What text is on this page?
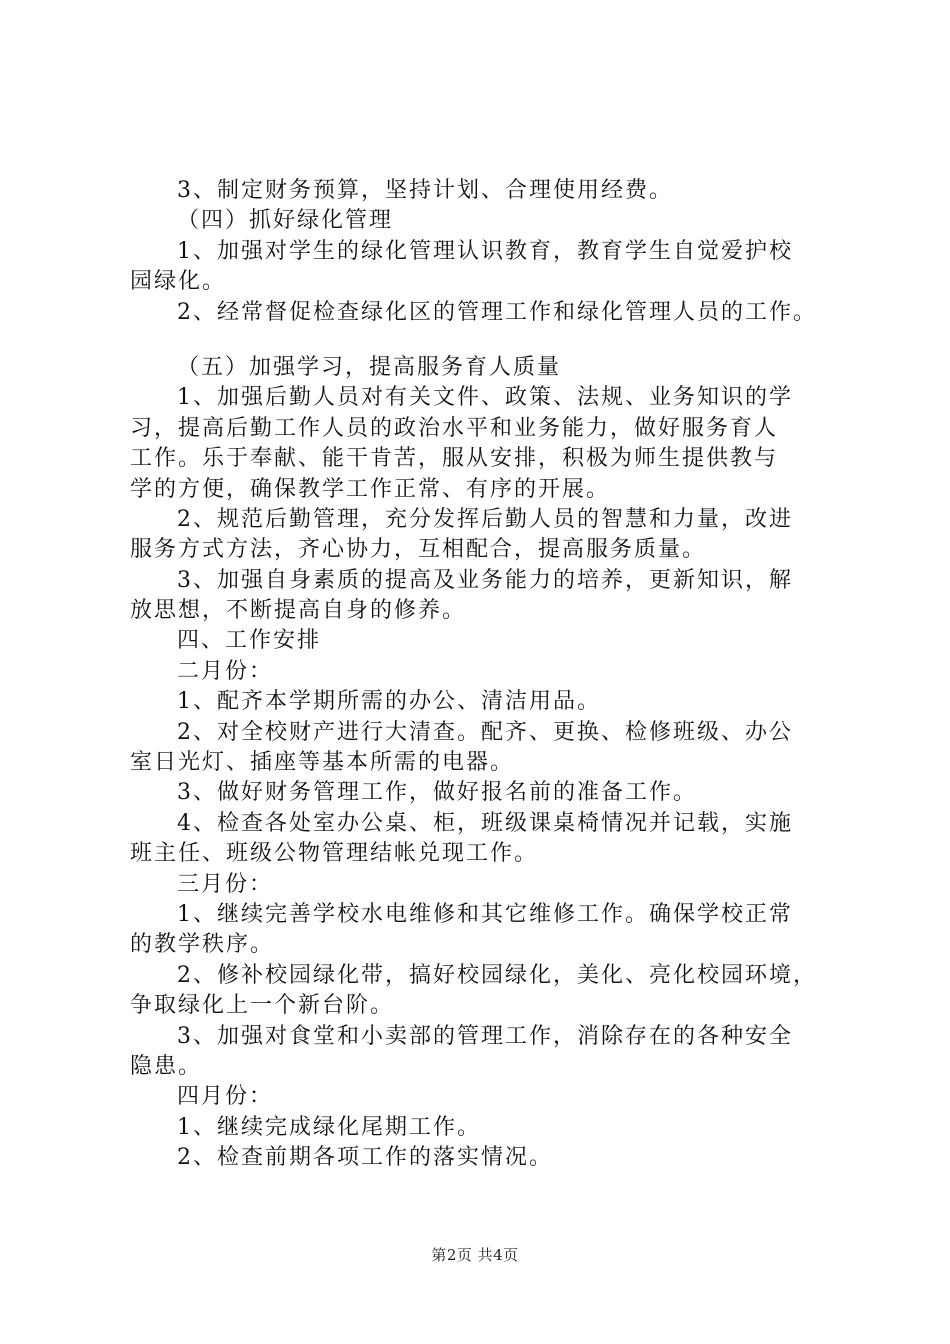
3、制定财务预算，坚持计划、合理使用经费。
（四）抓好绿化管理
1、加强对学生的绿化管理认识教育，教育学生自觉爱护校
园绿化。
2、经常督促检查绿化区的管理工作和绿化管理人员的工作。
（五）加强学习，提高服务育人质量
1、加强后勤人员对有关文件、政策、法规、业务知识的学
习，提高后勤工作人员的政治水平和业务能力，做好服务育人
工作。乐于奉献、能干肯苦，服从安排，积极为师生提供教与
学的方便，确保教学工作正常、有序的开展。
2、规范后勤管理，充分发挥后勤人员的智慧和力量，改进
服务方式方法，齐心协力，互相配合，提高服务质量。
3、加强自身素质的提高及业务能力的培养，更新知识，解
放思想，不断提高自身的修养。
四、工作安排
二月份：
1、配齐本学期所需的办公、清洁用品。
2、对全校财产进行大清查。配齐、更换、检修班级、办公
室日光灯、插座等基本所需的电器。
3、做好财务管理工作，做好报名前的准备工作。
4、检查各处室办公桌、柜，班级课桌椅情况并记载，实施
班主任、班级公物管理结帐兑现工作。
三月份：
1、继续完善学校水电维修和其它维修工作。确保学校正常
的教学秩序。
2、修补校园绿化带，搞好校园绿化，美化、亮化校园环境，
争取绿化上一个新台阶。
3、加强对食堂和小卖部的管理工作，消除存在的各种安全
隐患。
四月份：
1、继续完成绿化尾期工作。
2、检查前期各项工作的落实情况。
第2页 共4页
